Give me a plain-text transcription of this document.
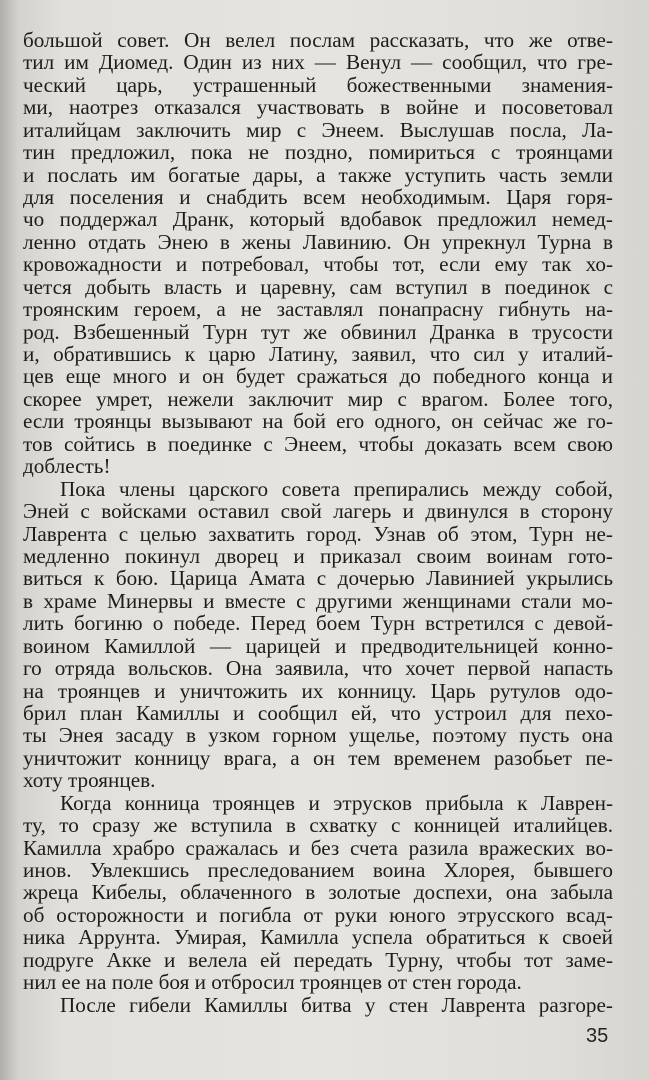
большой совет. Он велел послам рассказать, что же отве-
тил им Диомед. Один из них — Венул — сообщил, что гре-
ческий царь, устрашенный божественными знамения-
ми, наотрез отказался участвовать в войне и посоветовал
италийцам заключить мир с Энеем. Выслушав посла, Ла-
тин предложил, пока не поздно, помириться с троянцами
и послать им богатые дары, а также уступить часть земли
для поселения и снабдить всем необходимым. Царя горя-
чо поддержал Дранк, который вдобавок предложил немед-
ленно отдать Энею в жены Лавинию. Он упрекнул Турна в
кровожадности и потребовал, чтобы тот, если ему так хо-
чется добыть власть и царевну, сам вступил в поединок с
троянским героем, а не заставлял понапрасну гибнуть на-
род. Взбешенный Турн тут же обвинил Дранка в трусости
и, обратившись к царю Латину, заявил, что сил у италий-
цев еще много и он будет сражаться до победного конца и
скорее умрет, нежели заключит мир с врагом. Более того,
если троянцы вызывают на бой его одного, он сейчас же го-
тов сойтись в поединке с Энеем, чтобы доказать всем свою
доблесть!
Пока члены царского совета препирались между собой,
Эней с войсками оставил свой лагерь и двинулся в сторону
Лаврента с целью захватить город. Узнав об этом, Турн не-
медленно покинул дворец и приказал своим воинам гото-
виться к бою. Царица Амата с дочерью Лавинией укрылись
в храме Минервы и вместе с другими женщинами стали мо-
лить богиню о победе. Перед боем Турн встретился с девой-
воином Камиллой — царицей и предводительницей конно-
го отряда вольсков. Она заявила, что хочет первой напасть
на троянцев и уничтожить их конницу. Царь рутулов одо-
брил план Камиллы и сообщил ей, что устроил для пехо-
ты Энея засаду в узком горном ущелье, поэтому пусть она
уничтожит конницу врага, а он тем временем разобьет пе-
хоту троянцев.
Когда конница троянцев и этрусков прибыла к Лаврен-
ту, то сразу же вступила в схватку с конницей италийцев.
Камилла храбро сражалась и без счета разила вражеских во-
инов. Увлекшись преследованием воина Хлорея, бывшего
жреца Кибелы, облаченного в золотые доспехи, она забыла
об осторожности и погибла от руки юного этрусского всад-
ника Аррунта. Умирая, Камилла успела обратиться к своей
подруге Акке и велела ей передать Турну, чтобы тот заме-
нил ее на поле боя и отбросил троянцев от стен города.
После гибели Камиллы битва у стен Лаврента разгоре-
35
